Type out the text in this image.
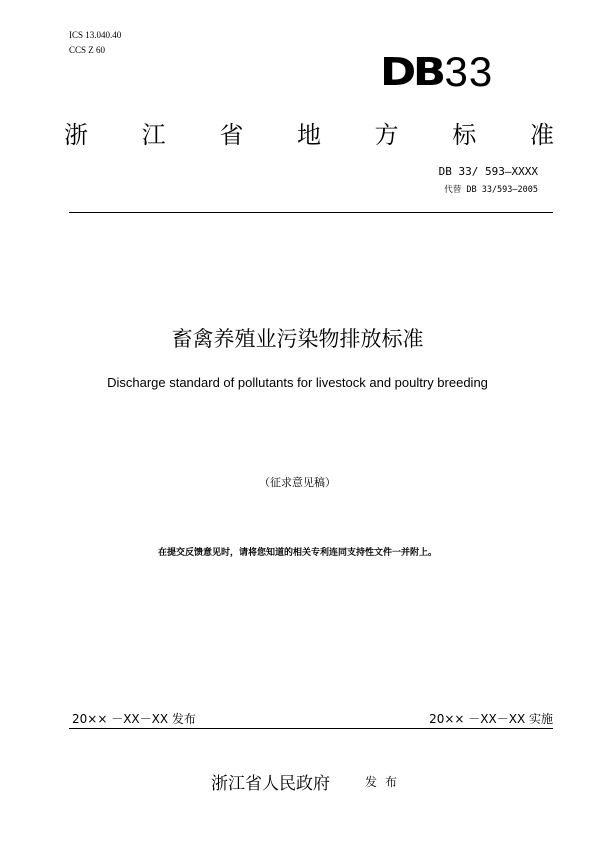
ICS 13.040.40
CCS Z 60	DB 33
浙 江 省 地 方 标 准
DB 33/ 593—XXXX
代替 DB 33/593—2005
畜禽养殖业污染物排放标准
Discharge standard of pollutants for livestock and poultry breeding
（征求意见稿）
在提交反馈意见时，请将您知道的相关专利连同支持性文件一并附上。
20×× －XX－XX 发布	20×× －XX－XX 实施
浙江省人民政府	发布
